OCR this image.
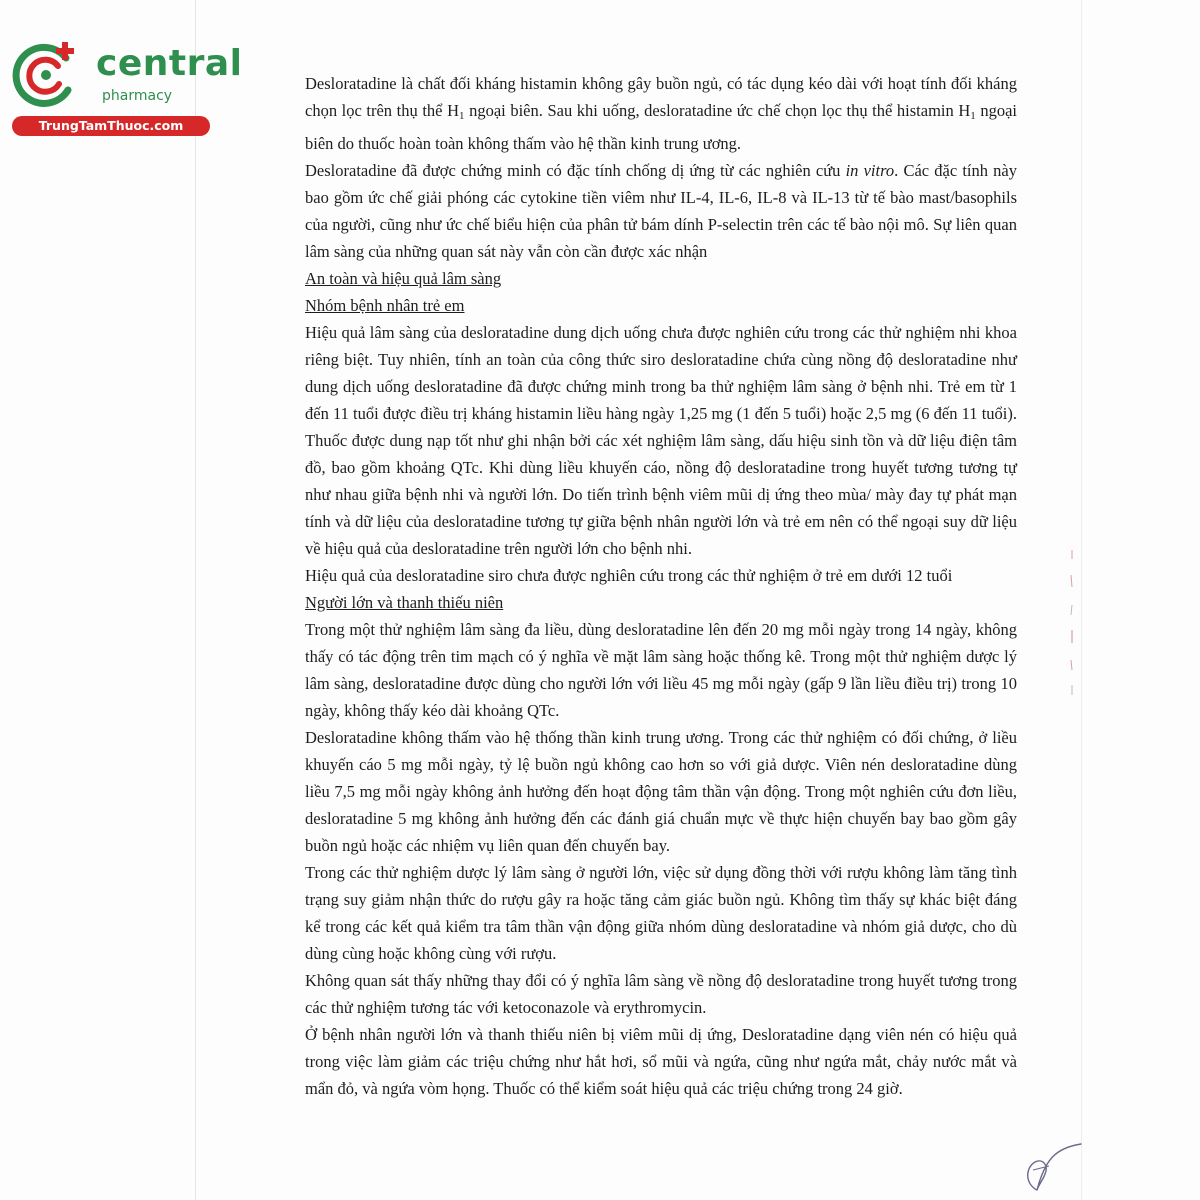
central
pharmacy
TrungTamThuoc.com

Desloratadine là chất đối kháng histamin không gây buồn ngủ, có tác dụng kéo dài với hoạt tính đối kháng chọn lọc trên thụ thể $H_1$ ngoại biên. Sau khi uống, desloratadine ức chế chọn lọc thụ thể histamin $H_1$ ngoại biên do thuốc hoàn toàn không thấm vào hệ thần kinh trung ương.

Desloratadine đã được chứng minh có đặc tính chống dị ứng từ các nghiên cứu in vitro. Các đặc tính này bao gồm ức chế giải phóng các cytokine tiền viêm như IL-4, IL-6, IL-8 và IL-13 từ tế bào mast/basophils của người, cũng như ức chế biểu hiện của phân tử bám dính P-selectin trên các tế bào nội mô. Sự liên quan lâm sàng của những quan sát này vẫn còn cần được xác nhận

An toàn và hiệu quả lâm sàng

Nhóm bệnh nhân trẻ em

Hiệu quả lâm sàng của desloratadine dung dịch uống chưa được nghiên cứu trong các thử nghiệm nhi khoa riêng biệt. Tuy nhiên, tính an toàn của công thức siro desloratadine chứa cùng nồng độ desloratadine như dung dịch uống desloratadine đã được chứng minh trong ba thử nghiệm lâm sàng ở bệnh nhi. Trẻ em từ 1 đến 11 tuổi được điều trị kháng histamin liều hàng ngày 1,25 mg (1 đến 5 tuổi) hoặc 2,5 mg (6 đến 11 tuổi). Thuốc được dung nạp tốt như ghi nhận bởi các xét nghiệm lâm sàng, dấu hiệu sinh tồn và dữ liệu điện tâm đồ, bao gồm khoảng QTc. Khi dùng liều khuyến cáo, nồng độ desloratadine trong huyết tương tương tự như nhau giữa bệnh nhi và người lớn. Do tiến trình bệnh viêm mũi dị ứng theo mùa/ mày đay tự phát mạn tính và dữ liệu của desloratadine tương tự giữa bệnh nhân người lớn và trẻ em nên có thể ngoại suy dữ liệu về hiệu quả của desloratadine trên người lớn cho bệnh nhi.

Hiệu quả của desloratadine siro chưa được nghiên cứu trong các thử nghiệm ở trẻ em dưới 12 tuổi

Người lớn và thanh thiếu niên

Trong một thử nghiệm lâm sàng đa liều, dùng desloratadine lên đến 20 mg mỗi ngày trong 14 ngày, không thấy có tác động trên tim mạch có ý nghĩa về mặt lâm sàng hoặc thống kê. Trong một thử nghiệm dược lý lâm sàng, desloratadine được dùng cho người lớn với liều 45 mg mỗi ngày (gấp 9 lần liều điều trị) trong 10 ngày, không thấy kéo dài khoảng QTc.

Desloratadine không thấm vào hệ thống thần kinh trung ương. Trong các thử nghiệm có đối chứng, ở liều khuyến cáo 5 mg mỗi ngày, tỷ lệ buồn ngủ không cao hơn so với giả dược. Viên nén desloratadine dùng liều 7,5 mg mỗi ngày không ảnh hưởng đến hoạt động tâm thần vận động. Trong một nghiên cứu đơn liều, desloratadine 5 mg không ảnh hưởng đến các đánh giá chuẩn mực về thực hiện chuyến bay bao gồm gây buồn ngủ hoặc các nhiệm vụ liên quan đến chuyến bay.

Trong các thử nghiệm dược lý lâm sàng ở người lớn, việc sử dụng đồng thời với rượu không làm tăng tình trạng suy giảm nhận thức do rượu gây ra hoặc tăng cảm giác buồn ngủ. Không tìm thấy sự khác biệt đáng kể trong các kết quả kiểm tra tâm thần vận động giữa nhóm dùng desloratadine và nhóm giả dược, cho dù dùng cùng hoặc không cùng với rượu.

Không quan sát thấy những thay đổi có ý nghĩa lâm sàng về nồng độ desloratadine trong huyết tương trong các thử nghiệm tương tác với ketoconazole và erythromycin.

Ở bệnh nhân người lớn và thanh thiếu niên bị viêm mũi dị ứng, Desloratadine dạng viên nén có hiệu quả trong việc làm giảm các triệu chứng như hắt hơi, sổ mũi và ngứa, cũng như ngứa mắt, chảy nước mắt và mẩn đỏ, và ngứa vòm họng. Thuốc có thể kiểm soát hiệu quả các triệu chứng trong 24 giờ.
